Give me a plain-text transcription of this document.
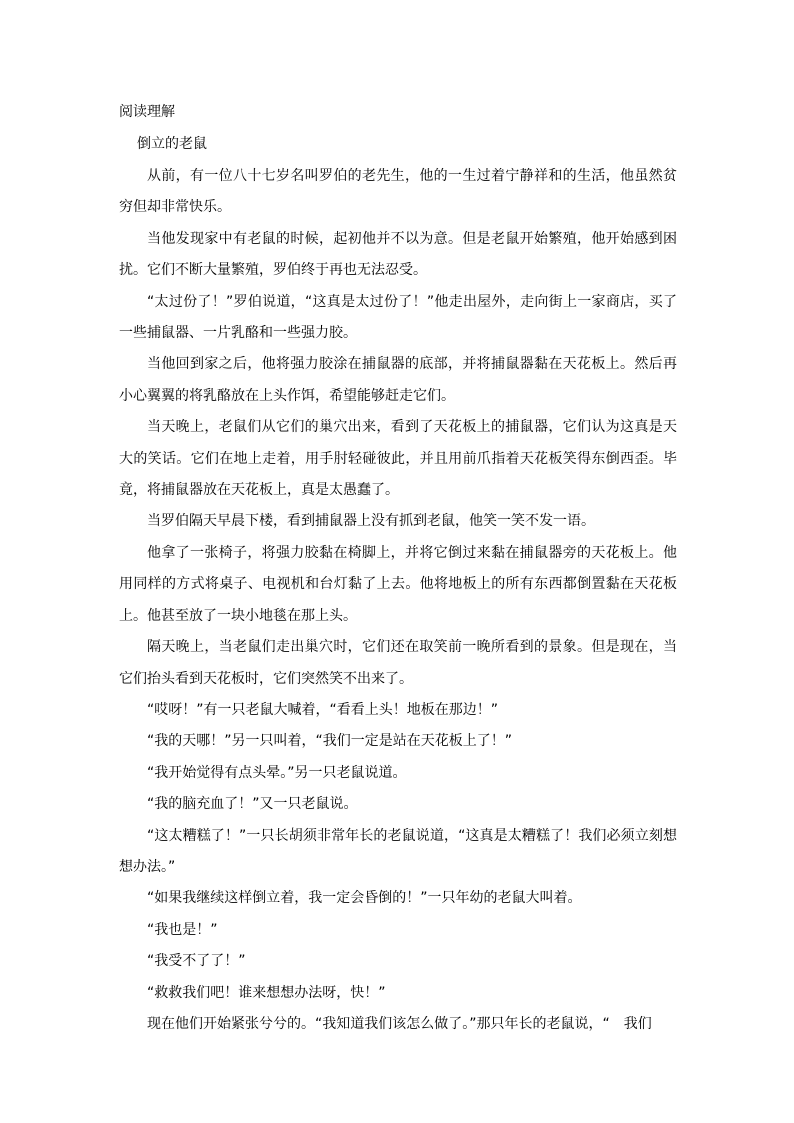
阅读理解
倒立的老鼠

从前，有一位八十七岁名叫罗伯的老先生，他的一生过着宁静祥和的生活，他虽然贫穷但却非常快乐。

当他发现家中有老鼠的时候，起初他并不以为意。但是老鼠开始繁殖，他开始感到困扰。它们不断大量繁殖，罗伯终于再也无法忍受。

“太过份了！”罗伯说道，“这真是太过份了！”他走出屋外，走向街上一家商店，买了一些捕鼠器、一片乳酪和一些强力胶。

当他回到家之后，他将强力胶涂在捕鼠器的底部，并将捕鼠器黏在天花板上。然后再小心翼翼的将乳酪放在上头作饵，希望能够赶走它们。

当天晚上，老鼠们从它们的巢穴出来，看到了天花板上的捕鼠器，它们认为这真是天大的笑话。它们在地上走着，用手肘轻碰彼此，并且用前爪指着天花板笑得东倒西歪。毕竟，将捕鼠器放在天花板上，真是太愚蠢了。

当罗伯隔天早晨下楼，看到捕鼠器上没有抓到老鼠，他笑一笑不发一语。

他拿了一张椅子，将强力胶黏在椅脚上，并将它倒过来黏在捕鼠器旁的天花板上。他用同样的方式将桌子、电视机和台灯黏了上去。他将地板上的所有东西都倒置黏在天花板上。他甚至放了一块小地毯在那上头。

隔天晚上，当老鼠们走出巢穴时，它们还在取笑前一晚所看到的景象。但是现在，当它们抬头看到天花板时，它们突然笑不出来了。

“哎呀！”有一只老鼠大喊着，“看看上头！地板在那边！”

“我的天哪！”另一只叫着，“我们一定是站在天花板上了！”

“我开始觉得有点头晕。”另一只老鼠说道。

“我的脑充血了！”又一只老鼠说。

“这太糟糕了！”一只长胡须非常年长的老鼠说道，“这真是太糟糕了！我们必须立刻想想办法。”

“如果我继续这样倒立着，我一定会昏倒的！”一只年幼的老鼠大叫着。

“我也是！”

“我受不了了！”

“救救我们吧！谁来想想办法呀，快！”

现在他们开始紧张兮兮的。“我知道我们该怎么做了。”那只年长的老鼠说，“　我们
